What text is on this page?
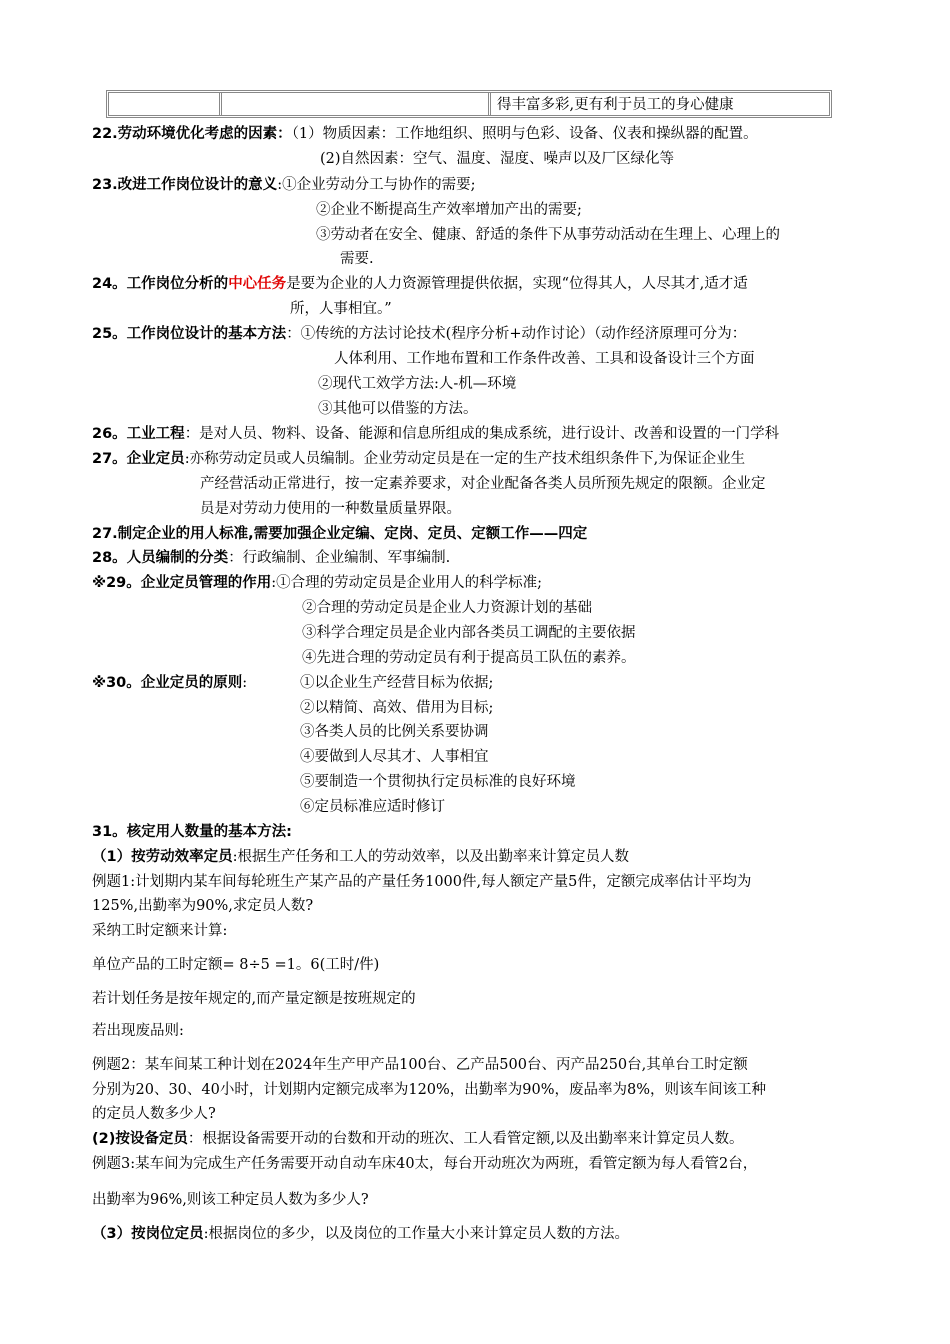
得丰富多彩,更有利于员工的身心健康
22.劳动环境优化考虑的因素：（1）物质因素：工作地组织、照明与色彩、设备、仪表和操纵器的配置。
(2)自然因素：空气、温度、湿度、噪声以及厂区绿化等
23.改进工作岗位设计的意义:①企业劳动分工与协作的需要;
②企业不断提高生产效率增加产出的需要;
③劳动者在安全、健康、舒适的条件下从事劳动活动在生理上、心理上的
需要.
24。工作岗位分析的中心任务是要为企业的人力资源管理提供依据，实现“位得其人，人尽其才,适才适
所，人事相宜。”
25。工作岗位设计的基本方法：①传统的方法讨论技术(程序分析+动作讨论）（动作经济原理可分为：
人体利用、工作地布置和工作条件改善、工具和设备设计三个方面
②现代工效学方法:人-机—环境
③其他可以借鉴的方法。
26。工业工程：是对人员、物料、设备、能源和信息所组成的集成系统，进行设计、改善和设置的一门学科
27。企业定员:亦称劳动定员或人员编制。企业劳动定员是在一定的生产技术组织条件下,为保证企业生
产经营活动正常进行，按一定素养要求，对企业配备各类人员所预先规定的限额。企业定
员是对劳动力使用的一种数量质量界限。
27.制定企业的用人标准,需要加强企业定编、定岗、定员、定额工作——四定
28。人员编制的分类：行政编制、企业编制、军事编制.
※29。企业定员管理的作用:①合理的劳动定员是企业用人的科学标准;
②合理的劳动定员是企业人力资源计划的基础
③科学合理定员是企业内部各类员工调配的主要依据
④先进合理的劳动定员有利于提高员工队伍的素养。
※30。企业定员的原则:	①以企业生产经营目标为依据;
②以精简、高效、借用为目标;
③各类人员的比例关系要协调
④要做到人尽其才、人事相宜
⑤要制造一个贯彻执行定员标准的良好环境
⑥定员标准应适时修订
31。核定用人数量的基本方法:
（1）按劳动效率定员:根据生产任务和工人的劳动效率，以及出勤率来计算定员人数
例题1:计划期内某车间每轮班生产某产品的产量任务1000件,每人额定产量5件，定额完成率估计平均为
125%,出勤率为90%,求定员人数?
采纳工时定额来计算:
单位产品的工时定额= 8÷5 =1。6(工时/件)
若计划任务是按年规定的,而产量定额是按班规定的
若出现废品则:
例题2：某车间某工种计划在2024年生产甲产品100台、乙产品500台、丙产品250台,其单台工时定额
分别为20、30、40小时，计划期内定额完成率为120%，出勤率为90%，废品率为8%，则该车间该工种
的定员人数多少人?
(2)按设备定员：根据设备需要开动的台数和开动的班次、工人看管定额,以及出勤率来计算定员人数。
例题3:某车间为完成生产任务需要开动自动车床40太，每台开动班次为两班，看管定额为每人看管2台，
出勤率为96%,则该工种定员人数为多少人?
（3）按岗位定员:根据岗位的多少，以及岗位的工作量大小来计算定员人数的方法。
